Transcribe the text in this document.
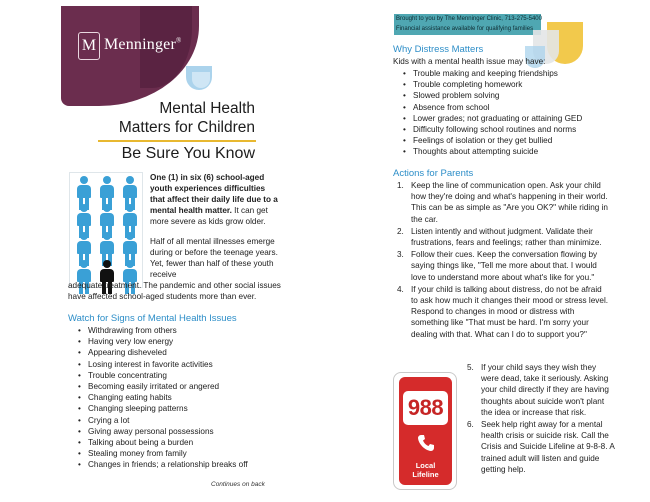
M Menninger®
Mental Health
Matters for Children
Be Sure You Know
One (1) in six (6) school-aged youth experiences difficulties that affect their daily life due to a mental health matter. It can get more severe as kids grow older.
Half of all mental illnesses emerge during or before the teenage years. Yet, fewer than half of these youth receive
adequate treatment. The pandemic and other social issues have affected school-aged students more than ever.
Watch for Signs of Mental Health Issues
• Withdrawing from others
• Having very low energy
• Appearing disheveled
• Losing interest in favorite activities
• Trouble concentrating
• Becoming easily irritated or angered
• Changing eating habits
• Changing sleeping patterns
• Crying a lot
• Giving away personal possessions
• Talking about being a burden
• Stealing money from family
• Changes in friends; a relationship breaks off
Continues on back
Brought to you by The Menninger Clinic, 713-275-5400
Financial assistance available for qualifying families
Why Distress Matters
Kids with a mental health issue may have:
• Trouble making and keeping friendships
• Trouble completing homework
• Slowed problem solving
• Absence from school
• Lower grades; not graduating or attaining GED
• Difficulty following school routines and norms
• Feelings of isolation or they get bullied
• Thoughts about attempting suicide
Actions for Parents
1. Keep the line of communication open. Ask your child how they're doing and what's happening in their world. This can be as simple as "Are you OK?" while riding in the car.
2. Listen intently and without judgment. Validate their frustrations, fears and feelings; rather than minimize.
3. Follow their cues. Keep the conversation flowing by saying things like, "Tell me more about that. I would love to understand more about what's like for you."
4. If your child is talking about distress, do not be afraid to ask how much it changes their mood or stress level. Respond to changes in mood or distress with something like "That must be hard. I'm sorry your dealing with that. What can I do to support you?"
5. If your child says they wish they were dead, take it seriously. Asking your child directly if they are having thoughts about suicide won't plant the idea or increase that risk.
6. Seek help right away for a mental health crisis or suicide risk. Call the Crisis and Suicide Lifeline at 9-8-8. A trained adult will listen and guide getting help.
988
Local
Lifeline
